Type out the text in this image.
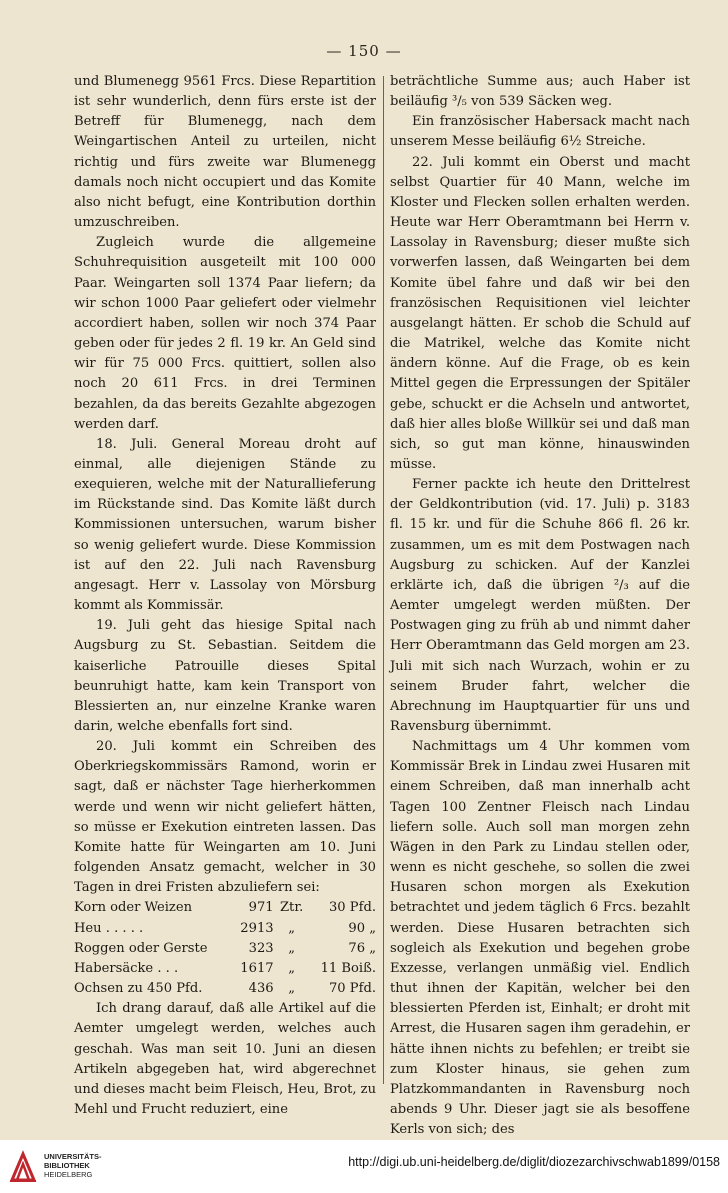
— 150 —

und Blumenegg 9561 Frcs. Diese Repartition ist sehr wunderlich, denn fürs erste ist der Betreff für Blumenegg, nach dem Weingartischen Anteil zu urteilen, nicht richtig und fürs zweite war Blumenegg damals noch nicht occupiert und das Komite also nicht befugt, eine Kontribution dorthin umzuschreiben.

Zugleich wurde die allgemeine Schuhrequisition ausgeteilt mit 100 000 Paar. Weingarten soll 1374 Paar liefern; da wir schon 1000 Paar geliefert oder vielmehr accordiert haben, sollen wir noch 374 Paar geben oder für jedes 2 fl. 19 kr. An Geld sind wir für 75 000 Frcs. quittiert, sollen also noch 20 611 Frcs. in drei Terminen bezahlen, da das bereits Gezahlte abgezogen werden darf.

18. Juli. General Moreau droht auf einmal, alle diejenigen Stände zu exequieren, welche mit der Naturallieferung im Rückstande sind. Das Komite läßt durch Kommissionen untersuchen, warum bisher so wenig geliefert wurde. Diese Kommission ist auf den 22. Juli nach Ravensburg angesagt. Herr v. Lassolay von Mörsburg kommt als Kommissär.

19. Juli geht das hiesige Spital nach Augsburg zu St. Sebastian. Seitdem die kaiserliche Patrouille dieses Spital beunruhigt hatte, kam kein Transport von Blessierten an, nur einzelne Kranke waren darin, welche ebenfalls fort sind.

20. Juli kommt ein Schreiben des Oberkriegskommissärs Ramond, worin er sagt, daß er nächster Tage hierherkommen werde und wenn wir nicht geliefert hätten, so müsse er Exekution eintreten lassen. Das Komite hatte für Weingarten am 10. Juni folgenden Ansatz gemacht, welcher in 30 Tagen in drei Fristen abzuliefern sei:

Korn oder Weizen	971	Ztr.	30 Pfd.
Heu . . . . .	2913	„	90 „
Roggen oder Gerste	323	„	76 „
Habersäcke . . .	1617	„	11 Boiß.
Ochsen zu 450 Pfd.	436	„	70 Pfd.

Ich drang darauf, daß alle Artikel auf die Aemter umgelegt werden, welches auch geschah. Was man seit 10. Juni an diesen Artikeln abgegeben hat, wird abgerechnet und dieses macht beim Fleisch, Heu, Brot, zu Mehl und Frucht reduziert, eine

beträchtliche Summe aus; auch Haber ist beiläufig ³/₅ von 539 Säcken weg.

Ein französischer Habersack macht nach unserem Messe beiläufig 6½ Streiche.

22. Juli kommt ein Oberst und macht selbst Quartier für 40 Mann, welche im Kloster und Flecken sollen erhalten werden. Heute war Herr Oberamtmann bei Herrn v. Lassolay in Ravensburg; dieser mußte sich vorwerfen lassen, daß Weingarten bei dem Komite übel fahre und daß wir bei den französischen Requisitionen viel leichter ausgelangt hätten. Er schob die Schuld auf die Matrikel, welche das Komite nicht ändern könne. Auf die Frage, ob es kein Mittel gegen die Erpressungen der Spitäler gebe, schuckt er die Achseln und antwortet, daß hier alles bloße Willkür sei und daß man sich, so gut man könne, hinauswinden müsse.

Ferner packte ich heute den Drittelrest der Geldkontribution (vid. 17. Juli) p. 3183 fl. 15 kr. und für die Schuhe 866 fl. 26 kr. zusammen, um es mit dem Postwagen nach Augsburg zu schicken. Auf der Kanzlei erklärte ich, daß die übrigen ²/₃ auf die Aemter umgelegt werden müßten. Der Postwagen ging zu früh ab und nimmt daher Herr Oberamtmann das Geld morgen am 23. Juli mit sich nach Wurzach, wohin er zu seinem Bruder fahrt, welcher die Abrechnung im Hauptquartier für uns und Ravensburg übernimmt.

Nachmittags um 4 Uhr kommen vom Kommissär Brek in Lindau zwei Husaren mit einem Schreiben, daß man innerhalb acht Tagen 100 Zentner Fleisch nach Lindau liefern solle. Auch soll man morgen zehn Wägen in den Park zu Lindau stellen oder, wenn es nicht geschehe, so sollen die zwei Husaren schon morgen als Exekution betrachtet und jedem täglich 6 Frcs. bezahlt werden. Diese Husaren betrachten sich sogleich als Exekution und begehen grobe Exzesse, verlangen unmäßig viel. Endlich thut ihnen der Kapitän, welcher bei den blessierten Pferden ist, Einhalt; er droht mit Arrest, die Husaren sagen ihm geradehin, er hätte ihnen nichts zu befehlen; er treibt sie zum Kloster hinaus, sie gehen zum Platzkommandanten in Ravensburg noch abends 9 Uhr. Dieser jagt sie als besoffene Kerls von sich; des

UNIVERSITÄTS-
BIBLIOTHEK
HEIDELBERG
http://digi.ub.uni-heidelberg.de/diglit/diozezarchivschwab1899/0158
